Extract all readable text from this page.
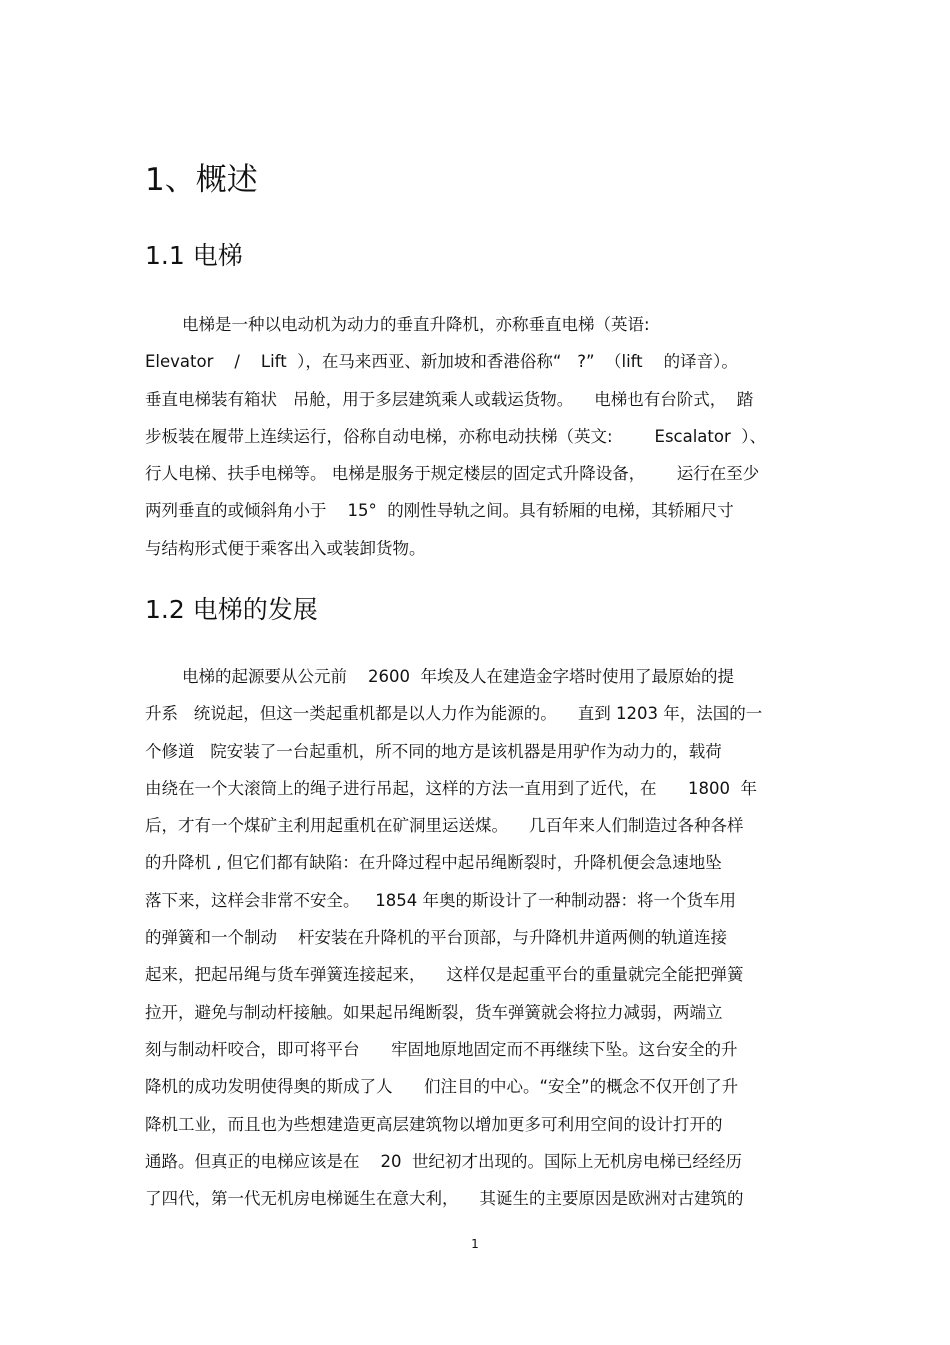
1、概述
1.1 电梯
电梯是一种以电动机为动力的垂直升降机，亦称垂直电梯（英语:
Elevator    /    Lift  ），在马来西亚、新加坡和香港俗称“   ?”  （lift    的译音）。
垂直电梯装有箱状   吊舱，用于多层建筑乘人或载运货物。    电梯也有台阶式，  踏
步板装在履带上连续运行，俗称自动电梯，亦称电动扶梯（英文:        Escalator  ）、
行人电梯、扶手电梯等。 电梯是服务于规定楼层的固定式升降设备，      运行在至少
两列垂直的或倾斜角小于    15°  的刚性导轨之间。具有轿厢的电梯，其轿厢尺寸
与结构形式便于乘客出入或装卸货物。
1.2 电梯的发展
电梯的起源要从公元前    2600  年埃及人在建造金字塔时使用了最原始的提
升系   统说起，但这一类起重机都是以人力作为能源的。    直到 1203 年，法国的一
个修道   院安装了一台起重机，所不同的地方是该机器是用驴作为动力的，载荷
由绕在一个大滚筒上的绳子进行吊起，这样的方法一直用到了近代，在      1800  年
后，才有一个煤矿主利用起重机在矿洞里运送煤。    几百年来人们制造过各种各样
的升降机 , 但它们都有缺陷：在升降过程中起吊绳断裂时，升降机便会急速地坠
落下来，这样会非常不安全。   1854 年奥的斯设计了一种制动器：将一个货车用
的弹簧和一个制动    杆安装在升降机的平台顶部，与升降机井道两侧的轨道连接
起来，把起吊绳与货车弹簧连接起来，    这样仅是起重平台的重量就完全能把弹簧
拉开，避免与制动杆接触。如果起吊绳断裂，货车弹簧就会将拉力减弱，两端立
刻与制动杆咬合，即可将平台      牢固地原地固定而不再继续下坠。这台安全的升
降机的成功发明使得奥的斯成了人      们注目的中心。“安全”的概念不仅开创了升
降机工业，而且也为些想建造更高层建筑物以增加更多可利用空间的设计打开的
通路。但真正的电梯应该是在    20  世纪初才出现的。国际上无机房电梯已经经历
了四代，第一代无机房电梯诞生在意大利，    其诞生的主要原因是欧洲对古建筑的
1
